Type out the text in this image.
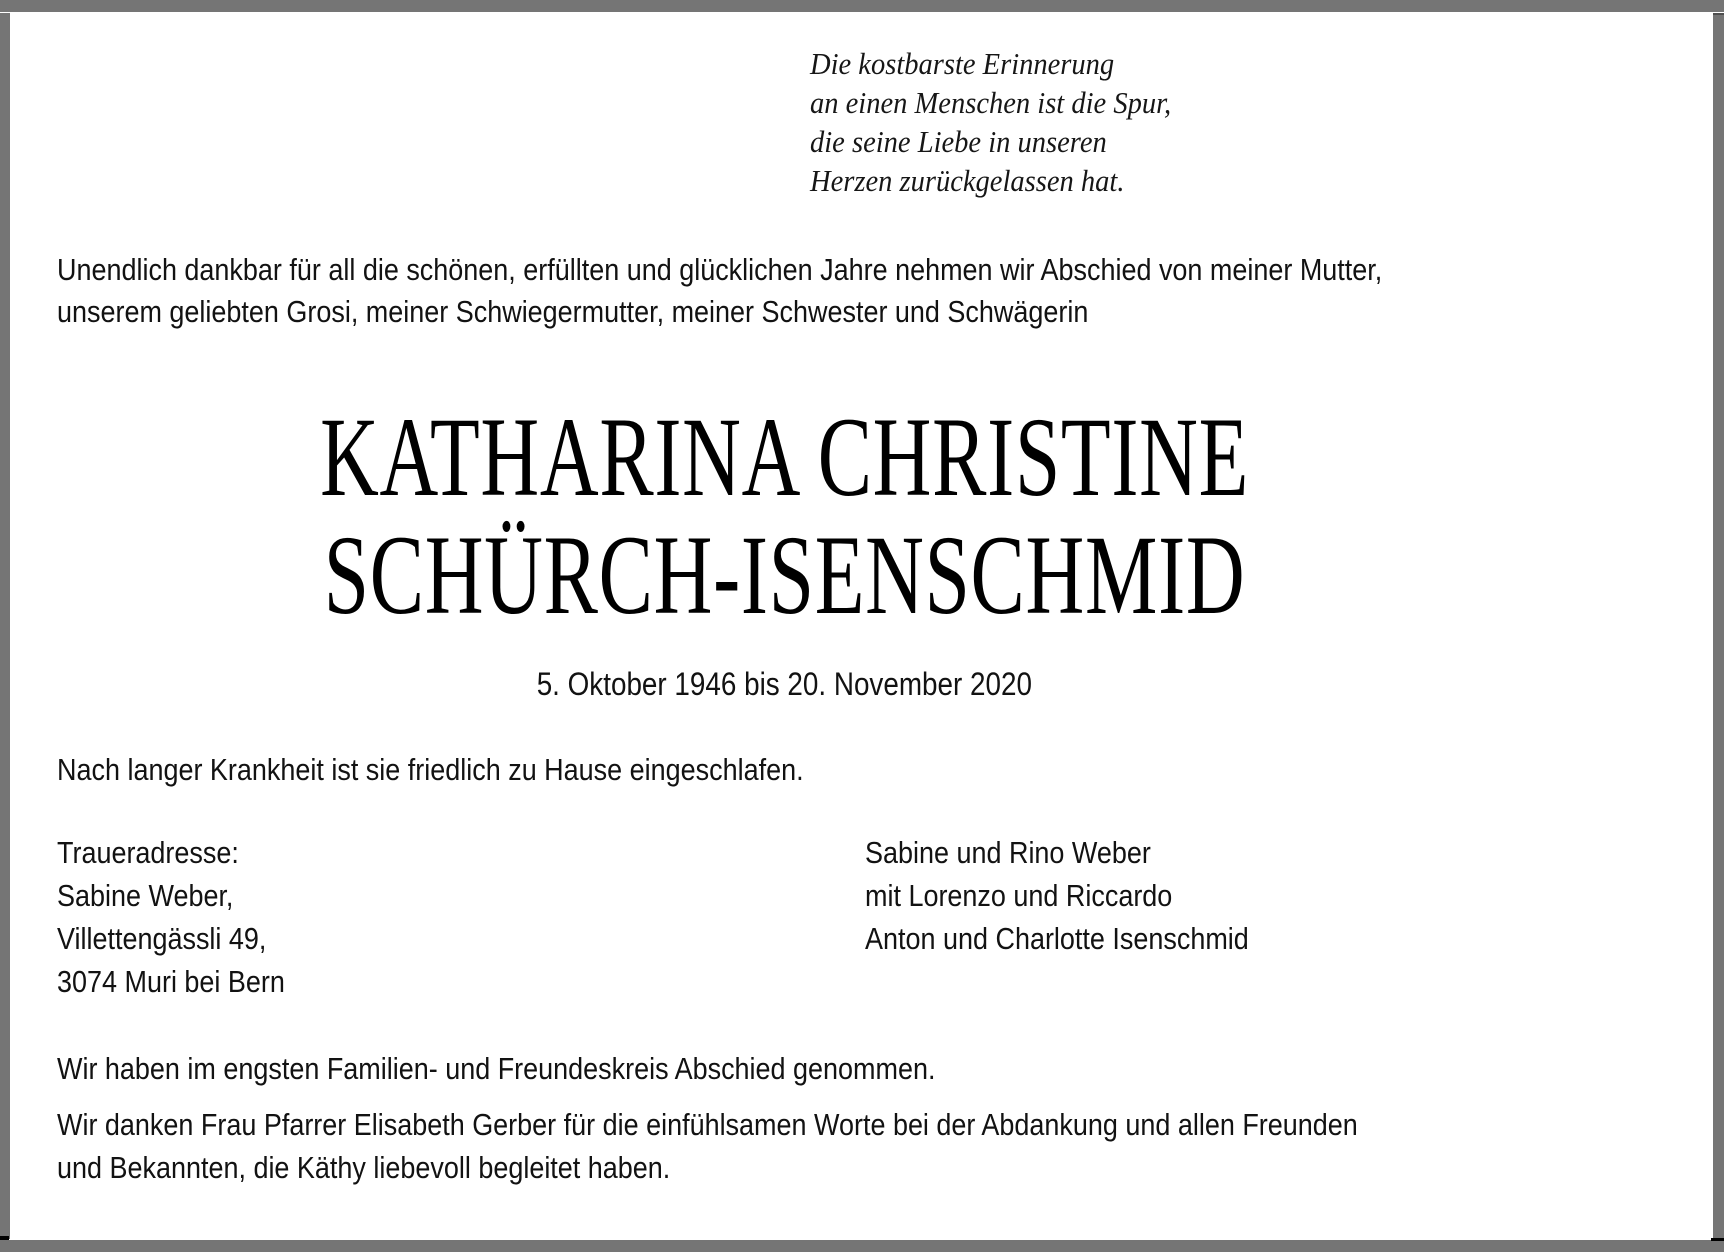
Die kostbarste Erinnerung
an einen Menschen ist die Spur,
die seine Liebe in unseren
Herzen zurückgelassen hat.
Unendlich dankbar für all die schönen, erfüllten und glücklichen Jahre nehmen wir Abschied von meiner Mutter,
unserem geliebten Grosi, meiner Schwiegermutter, meiner Schwester und Schwägerin
KATHARINA CHRISTINE
SCHÜRCH-ISENSCHMID
5. Oktober 1946 bis 20. November 2020
Nach langer Krankheit ist sie friedlich zu Hause eingeschlafen.
Traueradresse:
Sabine Weber,
Villettengässli 49,
3074 Muri bei Bern
Sabine und Rino Weber
mit Lorenzo und Riccardo
Anton und Charlotte Isenschmid
Wir haben im engsten Familien- und Freundeskreis Abschied genommen.
Wir danken Frau Pfarrer Elisabeth Gerber für die einfühlsamen Worte bei der Abdankung und allen Freunden
und Bekannten, die Käthy liebevoll begleitet haben.
